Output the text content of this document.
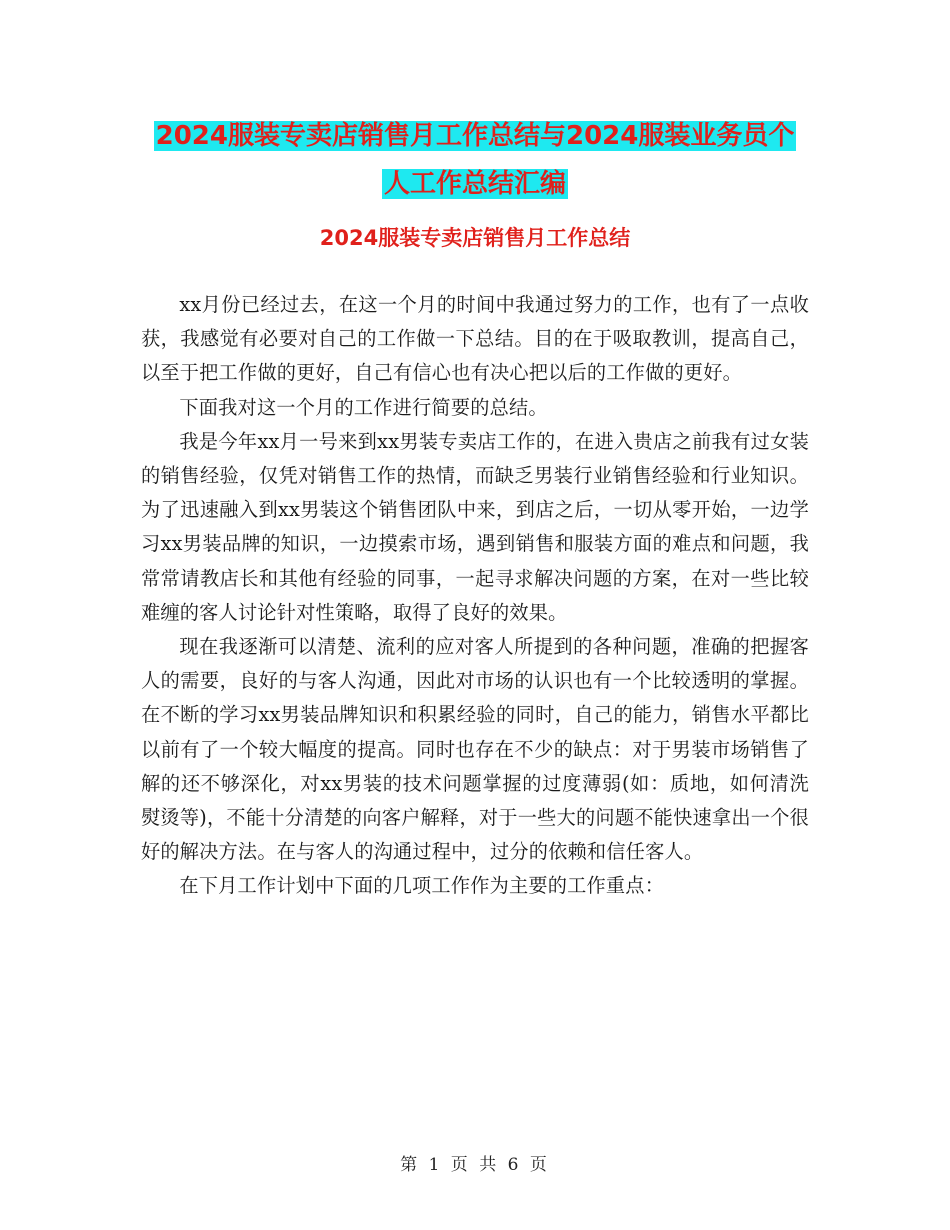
2024服装专卖店销售月工作总结与2024服装业务员个
人工作总结汇编
2024服装专卖店销售月工作总结

xx月份已经过去，在这一个月的时间中我通过努力的工作，也有了一点收获，我感觉有必要对自己的工作做一下总结。目的在于吸取教训，提高自己，以至于把工作做的更好，自己有信心也有决心把以后的工作做的更好。

下面我对这一个月的工作进行简要的总结。

我是今年xx月一号来到xx男装专卖店工作的，在进入贵店之前我有过女装的销售经验，仅凭对销售工作的热情，而缺乏男装行业销售经验和行业知识。为了迅速融入到xx男装这个销售团队中来，到店之后，一切从零开始，一边学习xx男装品牌的知识，一边摸索市场，遇到销售和服装方面的难点和问题，我常常请教店长和其他有经验的同事，一起寻求解决问题的方案，在对一些比较难缠的客人讨论针对性策略，取得了良好的效果。

现在我逐渐可以清楚、流利的应对客人所提到的各种问题，准确的把握客人的需要，良好的与客人沟通，因此对市场的认识也有一个比较透明的掌握。在不断的学习xx男装品牌知识和积累经验的同时，自己的能力，销售水平都比以前有了一个较大幅度的提高。同时也存在不少的缺点：对于男装市场销售了解的还不够深化，对xx男装的技术问题掌握的过度薄弱(如：质地，如何清洗熨烫等)，不能十分清楚的向客户解释，对于一些大的问题不能快速拿出一个很好的解决方法。在与客人的沟通过程中，过分的依赖和信任客人。

在下月工作计划中下面的几项工作作为主要的工作重点：

第 1 页 共 6 页
